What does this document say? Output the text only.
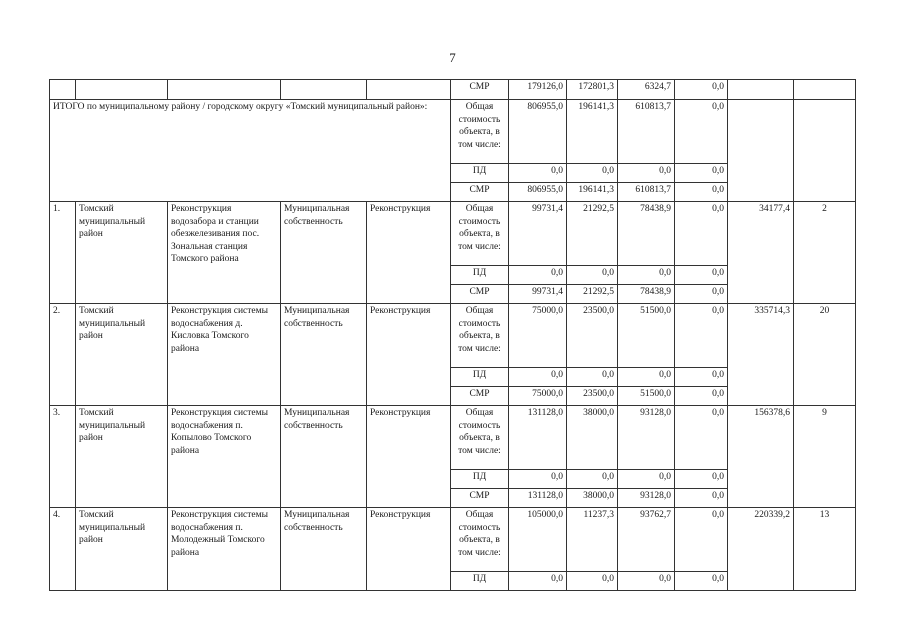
7
					СМР	179126,0	172801,3	6324,7	0,0		
ИТОГО по муниципальному району / городскому округу «Томский муниципальный район»:					Общая стоимость объекта, в том числе:	806955,0	196141,3	610813,7	0,0		
					ПД	0,0	0,0	0,0	0,0		
					СМР	806955,0	196141,3	610813,7	0,0		
1.	Томский муниципальный район	Реконструкция водозабора и станции обезжелезивания пос. Зональная станция Томского района	Муниципальная собственность	Реконструкция	Общая стоимость объекта, в том числе:	99731,4	21292,5	78438,9	0,0	34177,4	2
					ПД	0,0	0,0	0,0	0,0		
					СМР	99731,4	21292,5	78438,9	0,0		
2.	Томский муниципальный район	Реконструкция системы водоснабжения д. Кисловка Томского района	Муниципальная собственность	Реконструкция	Общая стоимость объекта, в том числе:	75000,0	23500,0	51500,0	0,0	335714,3	20
					ПД	0,0	0,0	0,0	0,0		
					СМР	75000,0	23500,0	51500,0	0,0		
3.	Томский муниципальный район	Реконструкция системы водоснабжения п. Копылово Томского района	Муниципальная собственность	Реконструкция	Общая стоимость объекта, в том числе:	131128,0	38000,0	93128,0	0,0	156378,6	9
					ПД	0,0	0,0	0,0	0,0		
					СМР	131128,0	38000,0	93128,0	0,0		
4.	Томский муниципальный район	Реконструкция системы водоснабжения п. Молодежный Томского района	Муниципальная собственность	Реконструкция	Общая стоимость объекта, в том числе:	105000,0	11237,3	93762,7	0,0	220339,2	13
					ПД	0,0	0,0	0,0	0,0		
